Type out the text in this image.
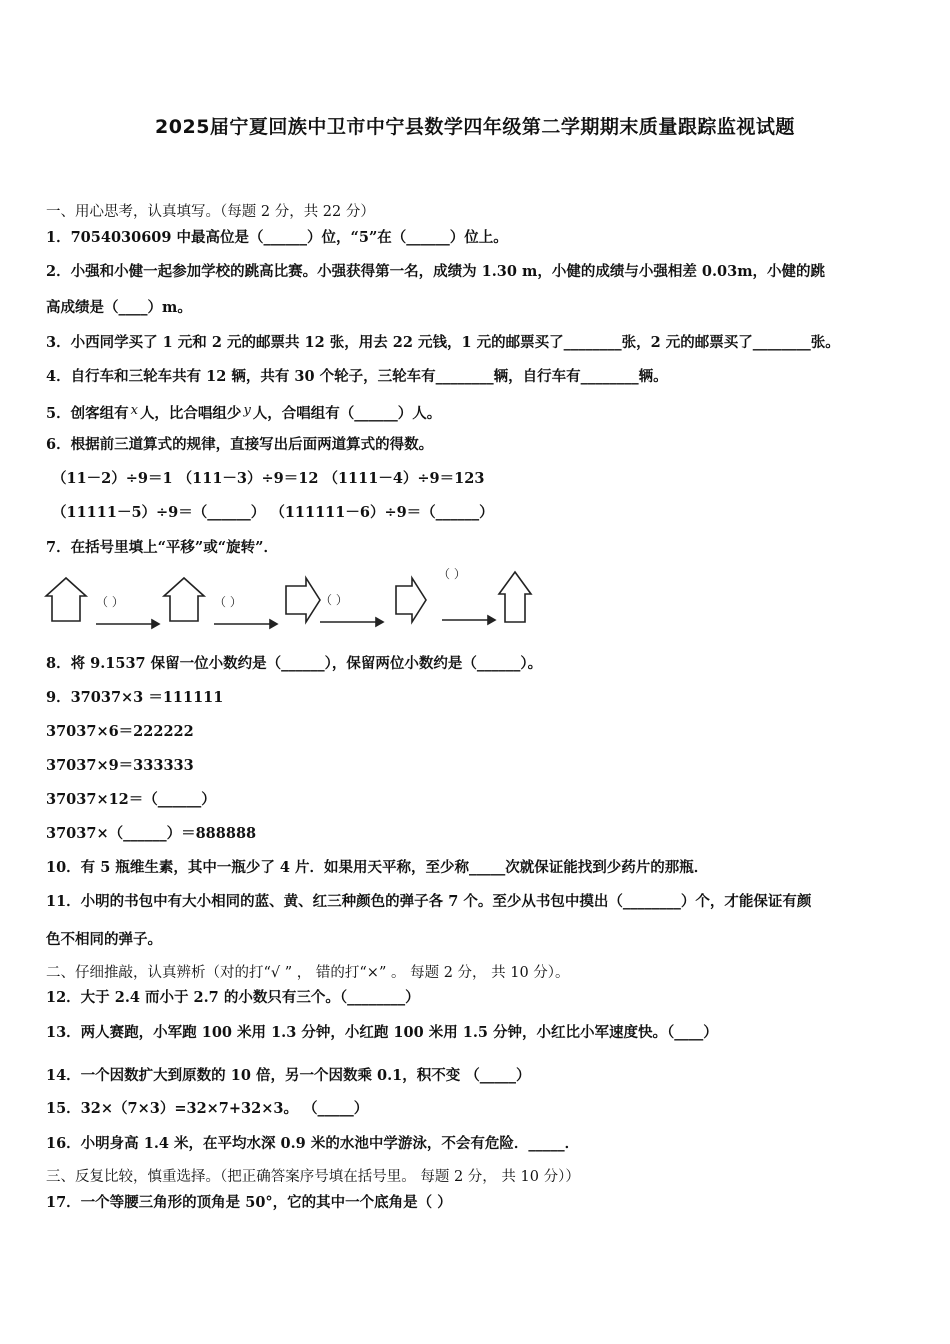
2025届宁夏回族中卫市中宁县数学四年级第二学期期末质量跟踪监视试题
一、用心思考，认真填写。（每题 2 分，共 22 分）
1．7054030609 中最高位是（______）位，“5”在（______）位上。
2．小强和小健一起参加学校的跳高比赛。小强获得第一名，成绩为 1.30 m，小健的成绩与小强相差 0.03m，小健的跳
高成绩是（____）m。
3．小西同学买了 1 元和 2 元的邮票共 12 张，用去 22 元钱，1 元的邮票买了________张，2 元的邮票买了________张。
4．自行车和三轮车共有 12 辆，共有 30 个轮子，三轮车有________辆，自行车有________辆。
5．创客组有 x 人，比合唱组少 y 人，合唱组有（______）人。
6．根据前三道算式的规律，直接写出后面两道算式的得数。
（11－2）÷9＝1 （111－3）÷9＝12 （1111－4）÷9＝123
（11111－5）÷9＝（______） （111111－6）÷9＝（______）
7．在括号里填上“平移”或“旋转”．
（ ）	（ ）	（ ）
（ ）
8．将 9.1537 保留一位小数约是（______），保留两位小数约是（______）。
9．37037×3 ＝111111
37037×6＝222222
37037×9＝333333
37037×12＝（______）
37037×（______）＝888888
10．有 5 瓶维生素，其中一瓶少了 4 片．如果用天平称，至少称_____次就保证能找到少药片的那瓶．
11．小明的书包中有大小相同的蓝、黄、红三种颜色的弹子各 7 个。至少从书包中摸出（________）个，才能保证有颜
色不相同的弹子。
二、仔细推敲，认真辨析（对的打“√ ” ， 错的打“×” 。 每题 2 分， 共 10 分）。
12．大于 2.4 而小于 2.7 的小数只有三个。（________）
13．两人赛跑，小军跑 100 米用 1.3 分钟，小红跑 100 米用 1.5 分钟，小红比小军速度快。（____）
14．一个因数扩大到原数的 10 倍，另一个因数乘 0.1，积不变 （_____）
15．32×（7×3）=32×7+32×3。 （_____）
16．小明身高 1.4 米，在平均水深 0.9 米的水池中学游泳，不会有危险．_____．
三、反复比较，慎重选择。（把正确答案序号填在括号里。 每题 2 分， 共 10 分））
17．一个等腰三角形的顶角是 50°，它的其中一个底角是（ ）
